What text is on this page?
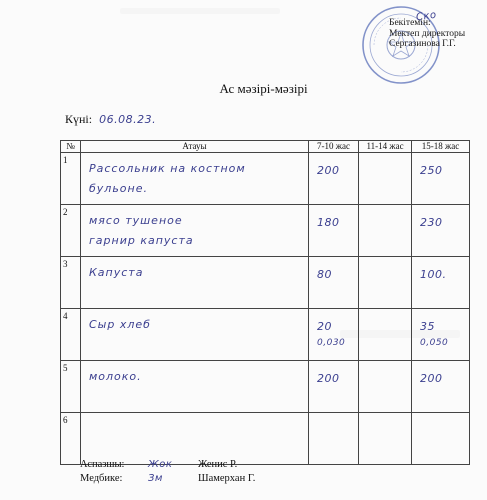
Ско
Бекітемін:
Мектеп директоры
Сергазинова Г.Г.
Ас мәзірі-мәзірі
Күні: 06.08.23.
№	Атауы	7-10 жас	11-14 жас	15-18 жас
1	Рассольник на костном бульоне.	200		250

2	мясо тушеное
гарнир капуста	180		230

3	Капуста	80		100.

4	Сыр хлеб	20
0,030		35
0,050

5	молоко.	200		200

6	

Аспазшы:	Жок	Женис Р.
Медбике:	Зм	Шамерхан Г.
